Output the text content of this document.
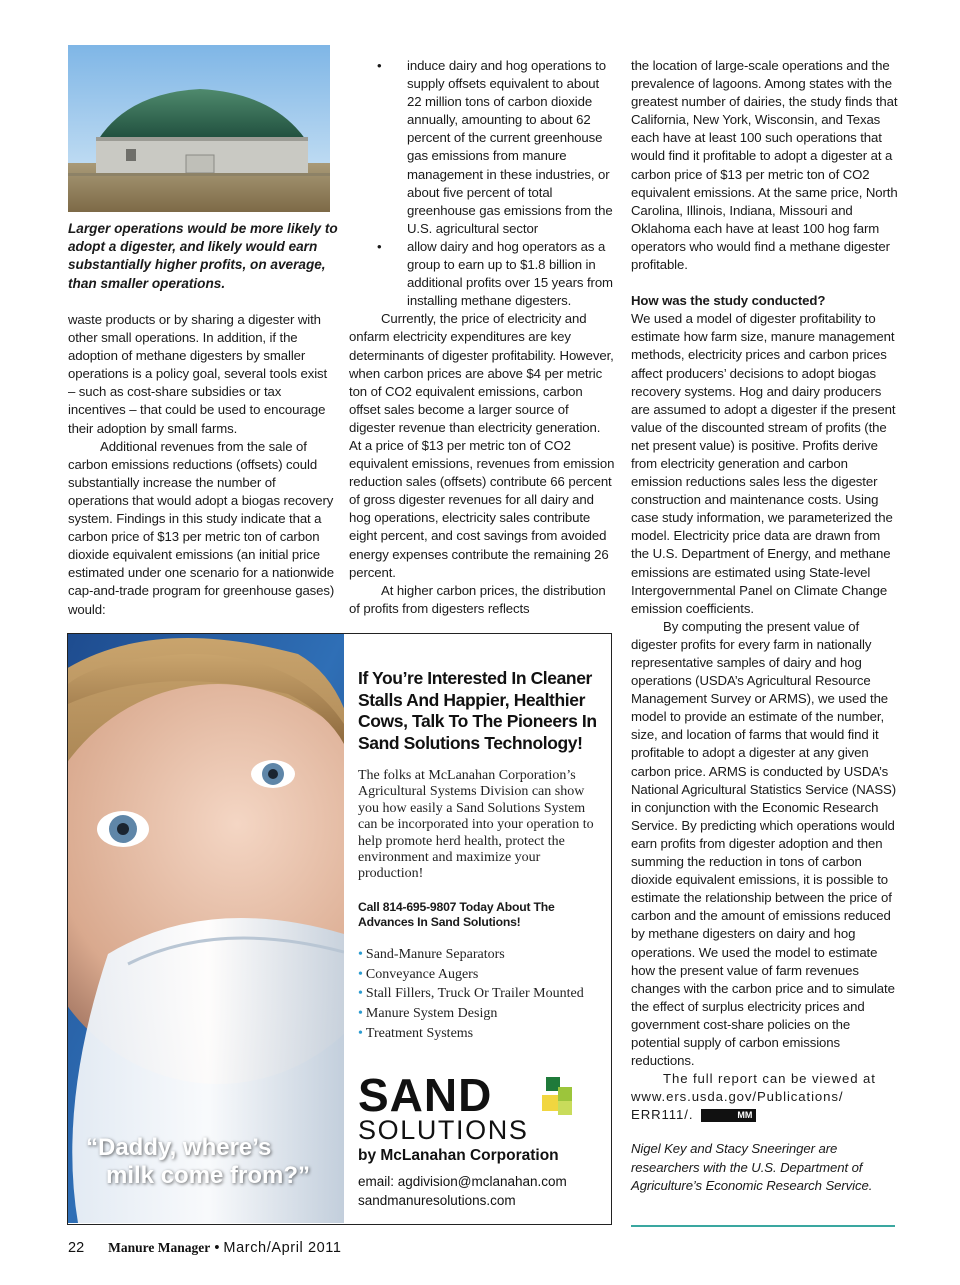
Larger operations would be more likely to adopt a digester, and likely would earn substantially higher profits, on average, than smaller operations.

waste products or by sharing a digester with other small operations. In addition, if the adoption of methane digesters by smaller operations is a policy goal, several tools exist – such as cost-share subsidies or tax incentives – that could be used to encourage their adoption by small farms.

Additional revenues from the sale of carbon emissions reductions (offsets) could substantially increase the number of operations that would adopt a biogas recovery system. Findings in this study indicate that a carbon price of $13 per metric ton of carbon dioxide equivalent emissions (an initial price estimated under one scenario for a nationwide cap-and-trade program for greenhouse gases) would:

• induce dairy and hog operations to supply offsets equivalent to about 22 million tons of carbon dioxide annually, amounting to about 62 percent of the current greenhouse gas emissions from manure management in these industries, or about five percent of total greenhouse gas emissions from the U.S. agricultural sector
• allow dairy and hog operators as a group to earn up to $1.8 billion in additional profits over 15 years from installing methane digesters.

Currently, the price of electricity and onfarm electricity expenditures are key determinants of digester profitability. However, when carbon prices are above $4 per metric ton of CO2 equivalent emissions, carbon offset sales become a larger source of digester revenue than electricity generation. At a price of $13 per metric ton of CO2 equivalent emissions, revenues from emission reduction sales (offsets) contribute 66 percent of gross digester revenues for all dairy and hog operations, electricity sales contribute eight percent, and cost savings from avoided energy expenses contribute the remaining 26 percent.

At higher carbon prices, the distribution of profits from digesters reflects

the location of large-scale operations and the prevalence of lagoons. Among states with the greatest number of dairies, the study finds that California, New York, Wisconsin, and Texas each have at least 100 such operations that would find it profitable to adopt a digester at a carbon price of $13 per metric ton of CO2 equivalent emissions. At the same price, North Carolina, Illinois, Indiana, Missouri and Oklahoma each have at least 100 hog farm operators who would find a methane digester profitable.

How was the study conducted?

We used a model of digester profitability to estimate how farm size, manure management methods, electricity prices and carbon prices affect producers’ decisions to adopt biogas recovery systems. Hog and dairy producers are assumed to adopt a digester if the present value of the discounted stream of profits (the net present value) is positive. Profits derive from electricity generation and carbon emission reductions sales less the digester construction and maintenance costs. Using case study information, we parameterized the model. Electricity price data are drawn from the U.S. Department of Energy, and methane emissions are estimated using State-level Intergovernmental Panel on Climate Change emission coefficients.

By computing the present value of digester profits for every farm in nationally representative samples of dairy and hog operations (USDA’s Agricultural Resource Management Survey or ARMS), we used the model to provide an estimate of the number, size, and location of farms that would find it profitable to adopt a digester at any given carbon price. ARMS is conducted by USDA’s National Agricultural Statistics Service (NASS) in conjunction with the Economic Research Service. By predicting which operations would earn profits from digester adoption and then summing the reduction in tons of carbon dioxide equivalent emissions, it is possible to estimate the relationship between the price of carbon and the amount of emissions reduced by methane digesters on dairy and hog operations. We used the model to estimate how the present value of farm revenues changes with the carbon price and to simulate the effect of surplus electricity prices and government cost-share policies on the potential supply of carbon emissions reductions.

The full report can be viewed at www.ers.usda.gov/Publications/ ERR111/.	MM

Nigel Key and Stacy Sneeringer are researchers with the U.S. Department of Agriculture’s Economic Research Service.

“Daddy, where’s
milk come from?”

If You’re Interested In Cleaner Stalls And Happier, Healthier Cows, Talk To The Pioneers In Sand Solutions Technology!

The folks at McLanahan Corporation’s Agricultural Systems Division can show you how easily a Sand Solutions System can be incorporated into your operation to help promote herd health, protect the environment and maximize your production!

Call 814-695-9807 Today About The Advances In Sand Solutions!

• Sand-Manure Separators
• Conveyance Augers
• Stall Fillers, Truck Or Trailer Mounted
• Manure System Design
• Treatment Systems
SAND
SOLUTIONS
by McLanahan Corporation
email: agdivision@mclanahan.com
sandmanuresolutions.com
22 Manure Manager • March/April 2011
